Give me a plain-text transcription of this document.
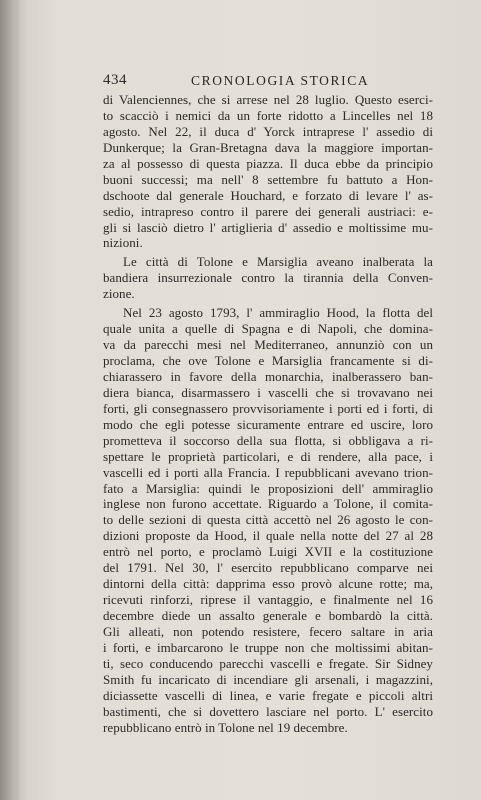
434	CRONOLOGIA STORICA
di Valenciennes, che si arrese nel 28 luglio. Questo eserci-
to scacciò i nemici da un forte ridotto a Lincelles nel 18
agosto. Nel 22, il duca d' Yorck intraprese l' assedio di
Dunkerque; la Gran-Bretagna dava la maggiore importan-
za al possesso di questa piazza. Il duca ebbe da principio
buoni successi; ma nell' 8 settembre fu battuto a Hon-
dschoote dal generale Houchard, e forzato di levare l' as-
sedio, intrapreso contro il parere dei generali austriaci: e-
gli si lasciò dietro l' artiglieria d' assedio e moltissime mu-
nizioni.
Le città di Tolone e Marsiglia aveano inalberata la
bandiera insurrezionale contro la tirannia della Conven-
zione.
Nel 23 agosto 1793, l' ammiraglio Hood, la flotta del
quale unita a quelle di Spagna e di Napoli, che domina-
va da parecchi mesi nel Mediterraneo, annunziò con un
proclama, che ove Tolone e Marsiglia francamente si di-
chiarassero in favore della monarchia, inalberassero ban-
diera bianca, disarmassero i vascelli che si trovavano nei
forti, gli consegnassero provvisoriamente i porti ed i forti, di
modo che egli potesse sicuramente entrare ed uscire, loro
prometteva il soccorso della sua flotta, si obbligava a ri-
spettare le proprietà particolari, e di rendere, alla pace, i
vascelli ed i porti alla Francia. I repubblicani avevano trion-
fato a Marsiglia: quindi le proposizioni dell' ammiraglio
inglese non furono accettate. Riguardo a Tolone, il comita-
to delle sezioni di questa città accettò nel 26 agosto le con-
dizioni proposte da Hood, il quale nella notte del 27 al 28
entrò nel porto, e proclamò Luigi XVII e la costituzione
del 1791. Nel 30, l' esercito repubblicano comparve nei
dintorni della città: dapprima esso provò alcune rotte; ma,
ricevuti rinforzi, riprese il vantaggio, e finalmente nel 16
decembre diede un assalto generale e bombardò la città.
Gli alleati, non potendo resistere, fecero saltare in aria
i forti, e imbarcarono le truppe non che moltissimi abitan-
ti, seco conducendo parecchi vascelli e fregate. Sir Sidney
Smith fu incaricato di incendiare gli arsenali, i magazzini,
diciassette vascelli di linea, e varie fregate e piccoli altri
bastimenti, che si dovettero lasciare nel porto. L' esercito
repubblicano entrò in Tolone nel 19 decembre.
